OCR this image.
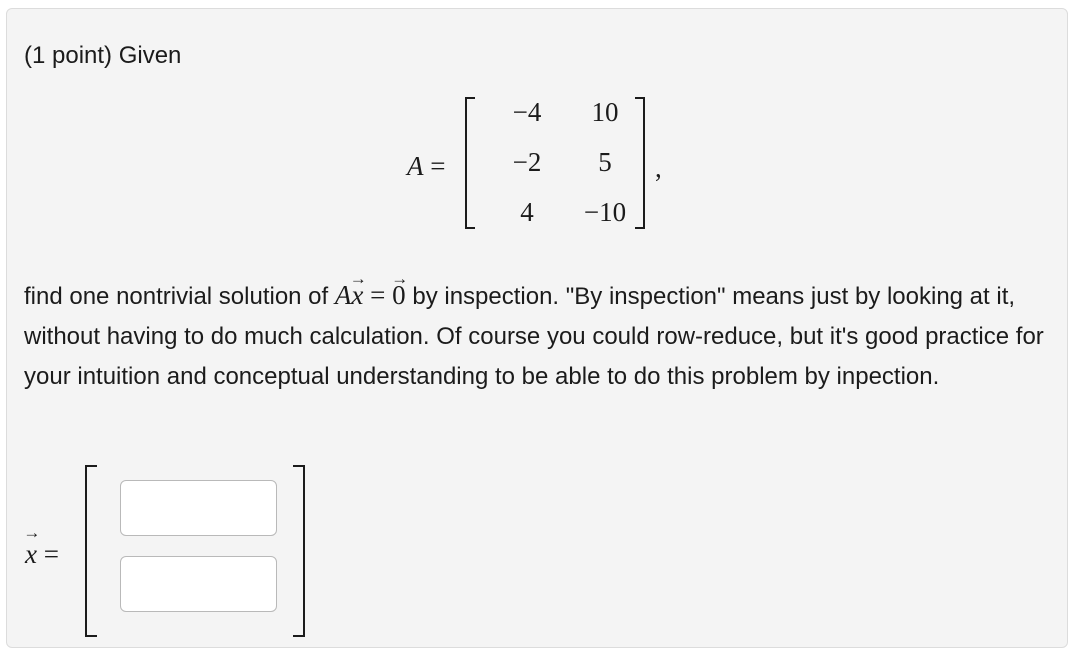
(1 point) Given
A =
−4	10
−2	5
4	−10
,
find one nontrivial solution of A→ x = → 0 by inspection. "By inspection" means just by looking at it, without having to do much calculation. Of course you could row-reduce, but it's good practice for your intuition and conceptual understanding to be able to do this problem by inpection.
→ x =
